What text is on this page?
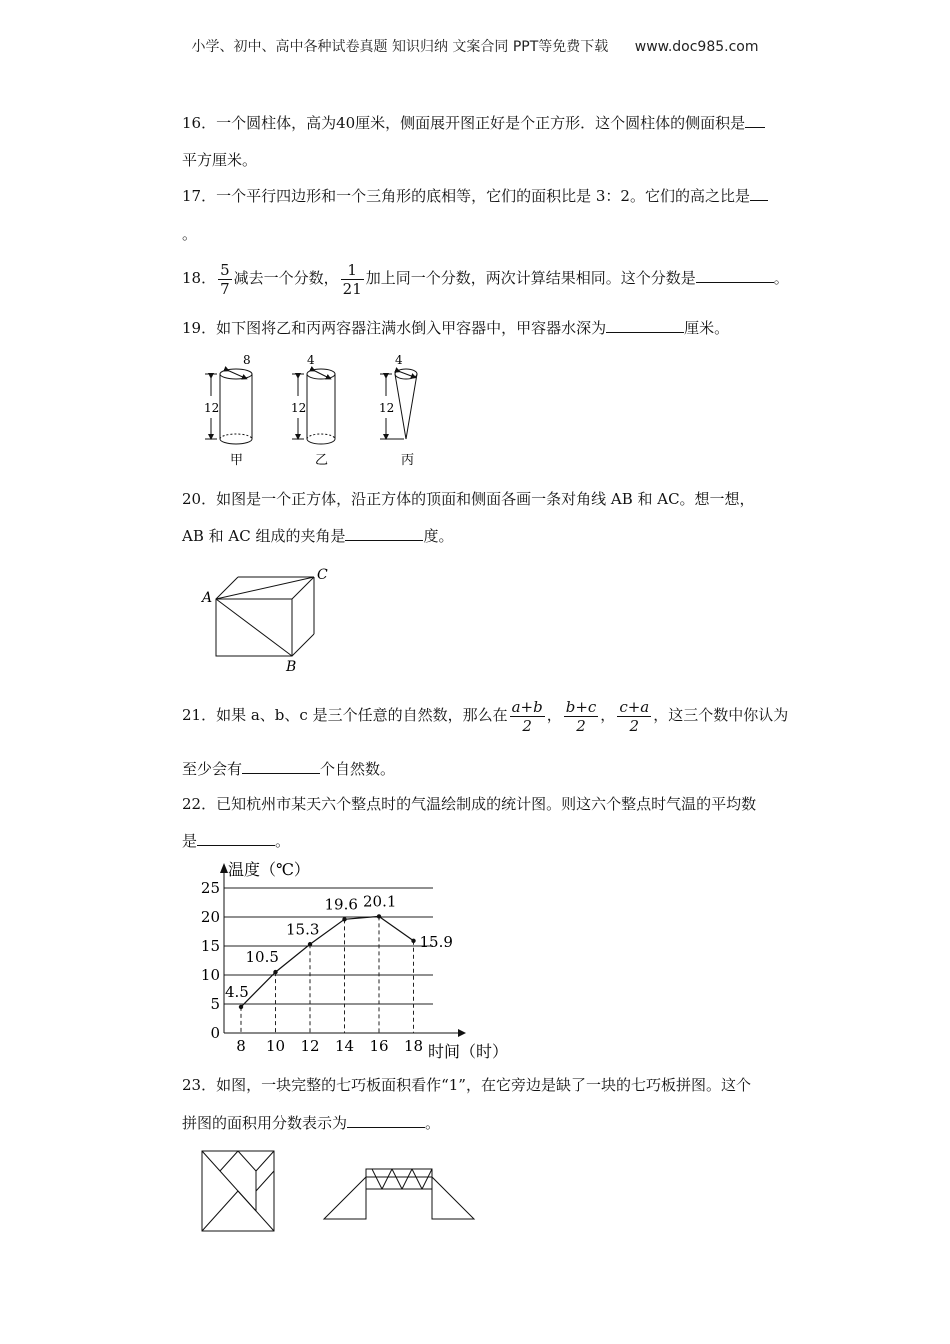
小学、初中、高中各种试卷真题 知识归纳 文案合同 PPT等免费下载 www.doc985.com
16．一个圆柱体，高为40厘米，侧面展开图正好是个正方形．这个圆柱体的侧面积是
平方厘米。
17．一个平行四边形和一个三角形的底相等，它们的面积比是 3：2。它们的高之比是
。
18． $\frac{5}{7}$ 减去一个分数， $\frac{1}{21}$ 加上同一个分数，两次计算结果相同。这个分数是	。
19．如下图将乙和丙两容器注满水倒入甲容器中，甲容器水深为	厘米。
8
12
甲
4
12
乙
4
12
丙
20．如图是一个正方体，沿正方体的顶面和侧面各画一条对角线 AB 和 AC。想一想，
AB 和 AC 组成的夹角是	度。
A
B
C
21．如果 a、b、c 是三个任意的自然数，那么在 $\frac{a+b}{2}$ ， $\frac{b+c}{2}$ ， $\frac{c+a}{2}$ ，这三个数中你认为
至少会有	个自然数。
22．已知杭州市某天六个整点时的气温绘制成的统计图。则这六个整点时气温的平均数
是	。
温度（℃）
时间（时）
0
5
10
15
20
25
8 10 12 14 16 18
4.5
10.5
15.3
19.6 20.1
15.9
23．如图，一块完整的七巧板面积看作“1”，在它旁边是缺了一块的七巧板拼图。这个
拼图的面积用分数表示为	。
